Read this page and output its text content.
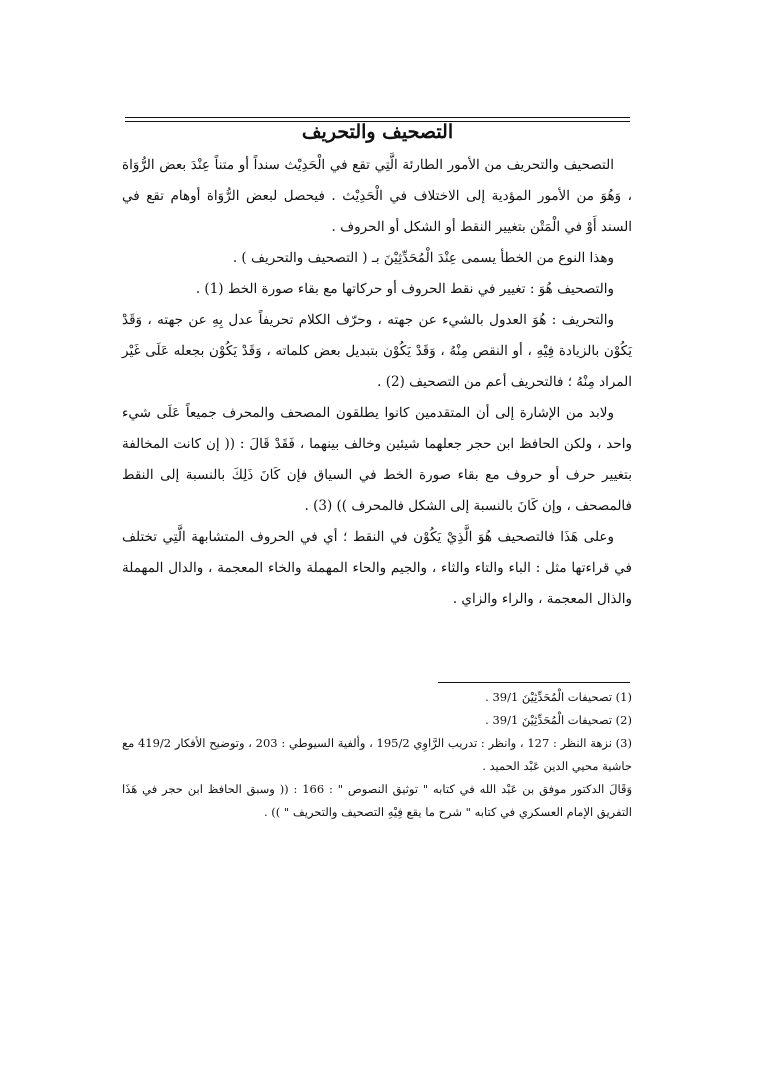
التصحيف والتحريف

التصحيف والتحريف من الأمور الطارئة الَّتِي تقع في الْحَدِيْث سنداً أو متناً عِنْدَ بعض الرُّوَاة ، وَهُوَ من الأمور المؤدية إلى الاختلاف في الْحَدِيْث . فيحصل لبعض الرُّوَاة أوهام تقع في السند أَوْ في الْمَتْن بتغيير النقط أو الشكل أو الحروف .

وهذا النوع من الخطأ يسمى عِنْدَ الْمُحَدِّثِيْنَ بـ ( التصحيف والتحريف ) .

والتصحيف هُوَ : تغيير في نقط الحروف أو حركاتها مع بقاء صورة الخط (1) .

والتحريف : هُوَ العدول بالشيء عن جهته ، وحرّف الكلام تحريفاً عدل بِهِ عن جهته ، وَقَدْ يَكُوْن بالزيادة فِيْهِ ، أو النقص مِنْهُ ، وَقَدْ يَكُوْن بتبديل بعض كلماته ، وَقَدْ يَكُوْن بجعله عَلَى غَيْر المراد مِنْهُ ؛ فالتحريف أعم من التصحيف (2) .

ولابد من الإشارة إلى أن المتقدمين كانوا يطلقون المصحف والمحرف جميعاً عَلَى شيء واحد ، ولكن الحافظ ابن حجر جعلهما شيئين وخالف بينهما ، فَقَدْ قَالَ : (( إن كانت المخالفة بتغيير حرف أو حروف مع بقاء صورة الخط في السياق فإن كَانَ ذَلِكَ بالنسبة إلى النقط فالمصحف ، وإن كَانَ بالنسبة إلى الشكل فالمحرف )) (3) .

وعلى هَذَا فالتصحيف هُوَ الَّذِيْ يَكُوْن في النقط ؛ أي في الحروف المتشابهة الَّتِي تختلف في قراءتها مثل : الباء والتاء والثاء ، والجيم والحاء المهملة والخاء المعجمة ، والدال المهملة والذال المعجمة ، والراء والزاي .

(1) تصحيفات الْمُحَدِّثِيْنَ 39/1 .

(2) تصحيفات الْمُحَدِّثِيْنَ 39/1 .

(3) نزهة النظر : 127 ، وانظر : تدريب الرَّاوِي 195/2 ، وألفية السيوطي : 203 ، وتوضيح الأفكار 419/2 مع حاشية محيي الدين عَبْد الحميد .

وَقَالَ الدكتور موفق بن عَبْد الله في كتابه " توثيق النصوص " : 166 : (( وسبق الحافظ ابن حجر في هَذَا التفريق الإمام العسكري في كتابه " شرح ما يقع فِيْهِ التصحيف والتحريف " )) .
